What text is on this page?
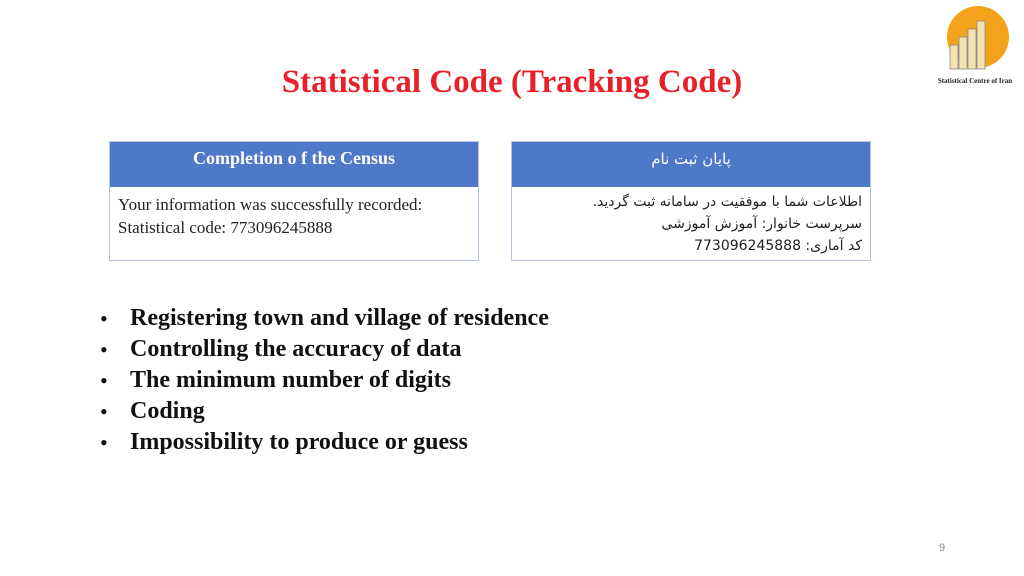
Statistical Centre of Iran
Statistical Code (Tracking Code)
Completion o f the Census
Your information was successfully recorded:
Statistical code: 773096245888
پایان ثبت نام
اطلاعات شما با موفقیت در سامانه ثبت گردید.
سرپرست خانوار: آموزش آموزشی
کد آماری: 773096245888
• Registering town and village of residence
• Controlling the accuracy of data
• The minimum number of digits
• Coding
• Impossibility to produce or guess
9
